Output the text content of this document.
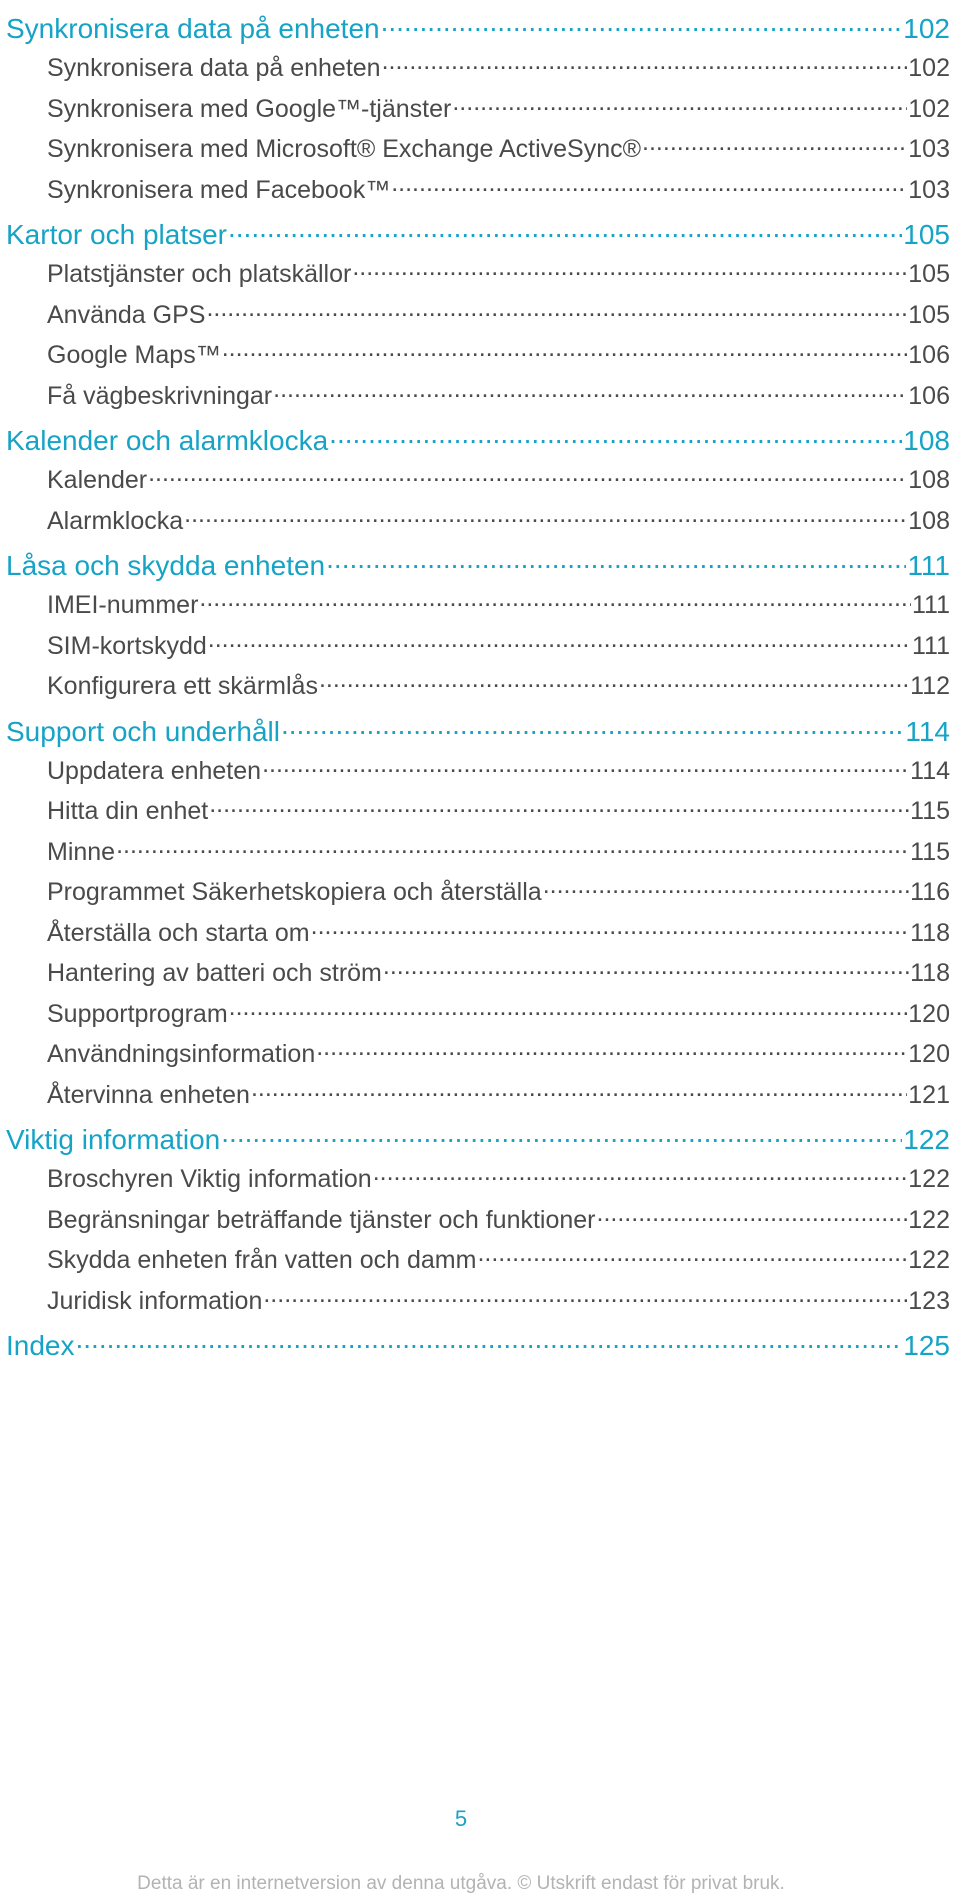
Synkronisera data på enheten .....	102
Synkronisera data på enheten .....	102
Synkronisera med Google™-tjänster .....	102
Synkronisera med Microsoft® Exchange ActiveSync® .....	103
Synkronisera med Facebook™ .....	103
Kartor och platser .....	105
Platstjänster och platskällor .....	105
Använda GPS .....	105
Google Maps™ .....	106
Få vägbeskrivningar .....	106
Kalender och alarmklocka .....	108
Kalender .....	108
Alarmklocka .....	108
Låsa och skydda enheten .....	111
IMEI-nummer .....	111
SIM-kortskydd .....	111
Konfigurera ett skärmlås .....	112
Support och underhåll .....	114
Uppdatera enheten .....	114
Hitta din enhet .....	115
Minne .....	115
Programmet Säkerhetskopiera och återställa .....	116
Återställa och starta om .....	118
Hantering av batteri och ström .....	118
Supportprogram .....	120
Användningsinformation .....	120
Återvinna enheten .....	121
Viktig information .....	122
Broschyren Viktig information .....	122
Begränsningar beträffande tjänster och funktioner .....	122
Skydda enheten från vatten och damm .....	122
Juridisk information .....	123
Index .....	125
5
Detta är en internetversion av denna utgåva. © Utskrift endast för privat bruk.
